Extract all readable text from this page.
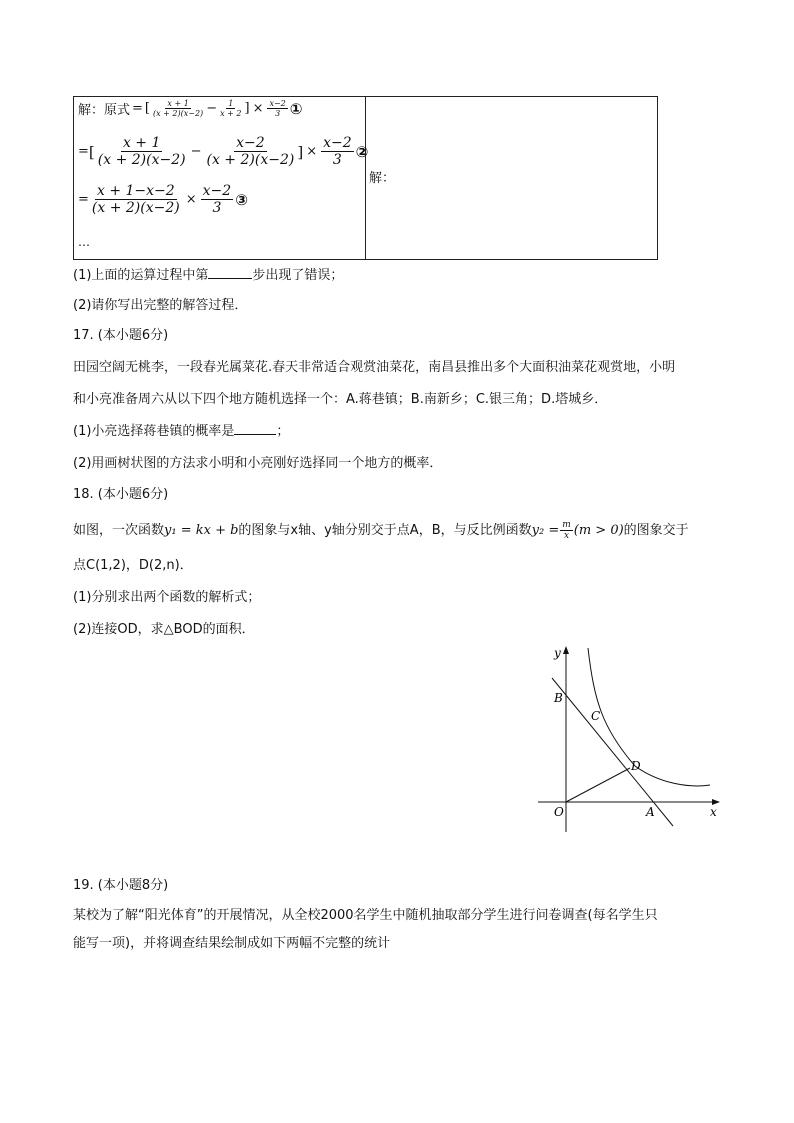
解：原式 = [ $\frac{x + 1}{(x + 2)(x-2)} - \frac{1}{x + 2}$ ] × $\frac{x-2}{3}$ ①
= [ $\frac{x + 1}{(x + 2)(x-2)} - \frac{x-2}{(x + 2)(x-2)}$ ] × $\frac{x-2}{3}$ ②
= $\frac{x + 1-x-2}{(x + 2)(x-2)} \times \frac{x-2}{3}$ ③
…
解：
(1)上面的运算过程中第	步出现了错误；
(2)请你写出完整的解答过程．
17. (本小题6分)
田园空阔无桃李，一段春光属菜花.春天非常适合观赏油菜花，南昌县推出多个大面积油菜花观赏地，小明
和小亮准备周六从以下四个地方随机选择一个：A.蒋巷镇；B.南新乡；C.银三角；D.塔城乡．
(1)小亮选择蒋巷镇的概率是	；
(2)用画树状图的方法求小明和小亮刚好选择同一个地方的概率．
18. (本小题6分)
如图，一次函数 y₁ = kx + b 的图象与x轴、y轴分别交于点A，B，与反比例函数 $y_2 = \frac{m}{x} (m > 0)$ 的图象交于
点C(1,2)，D(2,n)．
(1)分别求出两个函数的解析式；
(2)连接OD，求△BOD的面积．
y
x
B
C
D
O	A
19. (本小题8分)
某校为了解“阳光体育”的开展情况，从全校2000名学生中随机抽取部分学生进行问卷调查(每名学生只
能写一项)，并将调查结果绘制成如下两幅不完整的统计
